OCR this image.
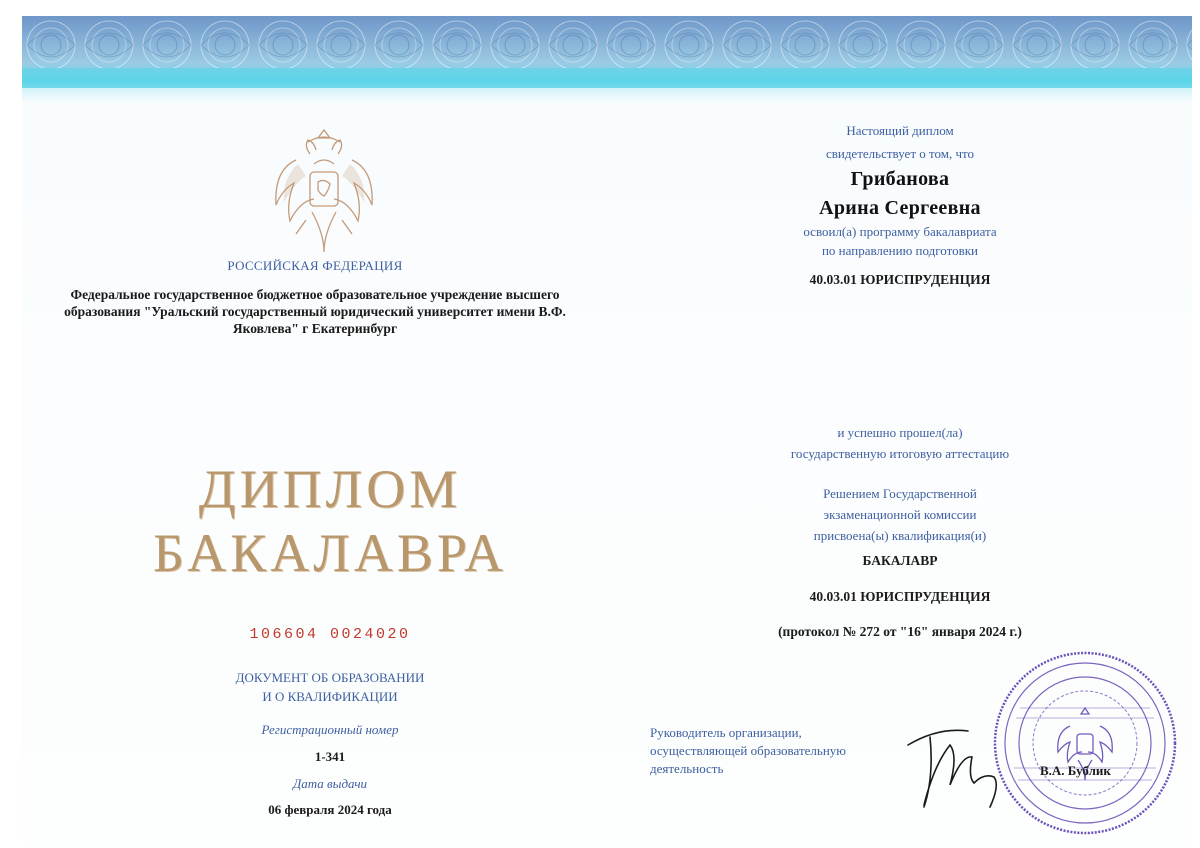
РОССИЙСКАЯ ФЕДЕРАЦИЯ
Федеральное государственное бюджетное образовательное учреждение высшего образования "Уральский государственный юридический университет имени В.Ф. Яковлева" г Екатеринбург
ДИПЛОМ
БАКАЛАВРА
106604 0024020
ДОКУМЕНТ ОБ ОБРАЗОВАНИИ
И О КВАЛИФИКАЦИИ
Регистрационный номер
1-341
Дата выдачи
06 февраля 2024 года
Настоящий диплом
свидетельствует о том, что
Грибанова
Арина Сергеевна
освоил(а) программу бакалавриата
по направлению подготовки
40.03.01 ЮРИСПРУДЕНЦИЯ
и успешно прошел(ла)
государственную итоговую аттестацию
Решением Государственной
экзаменационной комиссии
присвоена(ы) квалификация(и)
БАКАЛАВР
40.03.01 ЮРИСПРУДЕНЦИЯ
(протокол № 272 от "16" января 2024 г.)
Руководитель организации,
осуществляющей образовательную
деятельность	В.А. Бублик
